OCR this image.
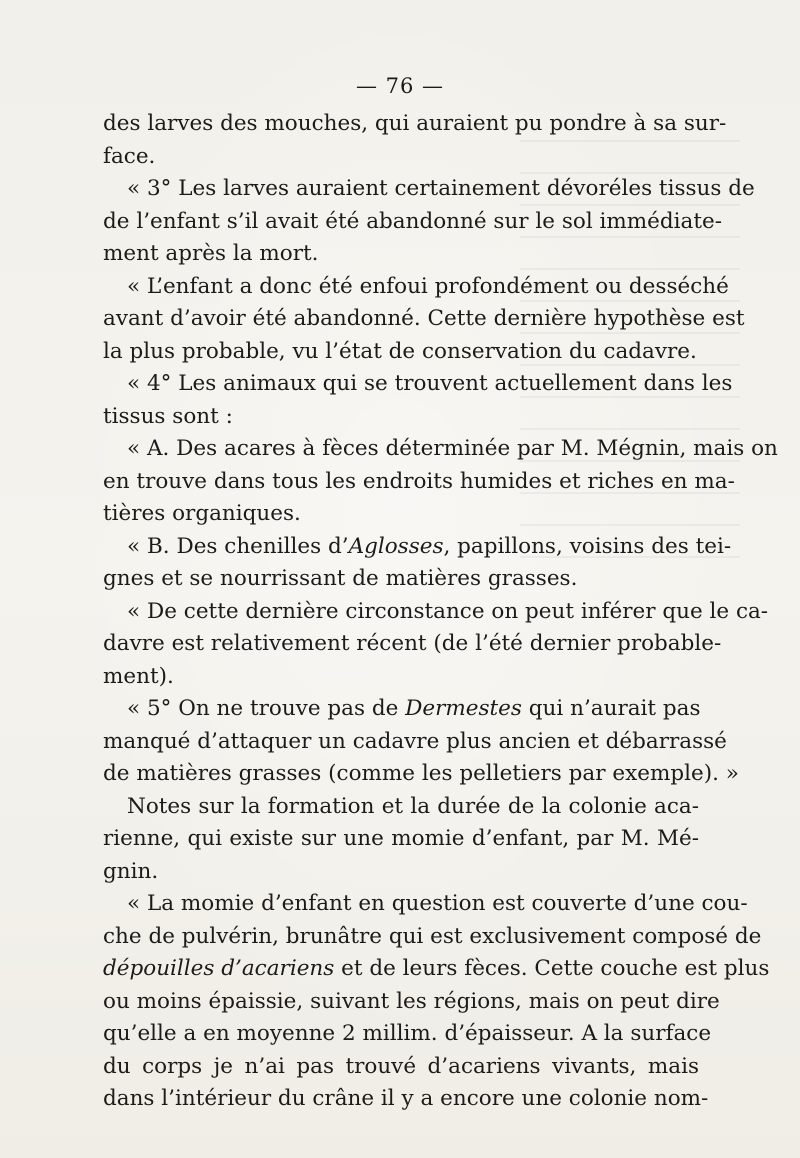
— 76 —
des larves des mouches, qui auraient pu pondre à sa sur-
face.
« 3° Les larves auraient certainement dévoréles tissus de
de l’enfant s’il avait été abandonné sur le sol immédiate-
ment après la mort.
« L’enfant a donc été enfoui profondément ou desséché
avant d’avoir été abandonné. Cette dernière hypothèse est
la plus probable, vu l’état de conservation du cadavre.
« 4° Les animaux qui se trouvent actuellement dans les
tissus sont :
« A. Des acares à fèces déterminée par M. Mégnin, mais on
en trouve dans tous les endroits humides et riches en ma-
tières organiques.
« B. Des chenilles d’Aglosses, papillons, voisins des tei-
gnes et se nourrissant de matières grasses.
« De cette dernière circonstance on peut inférer que le ca-
davre est relativement récent (de l’été dernier probable-
ment).
« 5° On ne trouve pas de Dermestes qui n’aurait pas
manqué d’attaquer un cadavre plus ancien et débarrassé
de matières grasses (comme les pelletiers par exemple). »
Notes sur la formation et la durée de la colonie aca-
rienne, qui existe sur une momie d’enfant, par M. Mé-
gnin.
« La momie d’enfant en question est couverte d’une cou-
che de pulvérin, brunâtre qui est exclusivement composé de
dépouilles d’acariens et de leurs fèces. Cette couche est plus
ou moins épaissie, suivant les régions, mais on peut dire
qu’elle a en moyenne 2 millim. d’épaisseur. A la surface
du corps je n’ai pas trouvé d’acariens vivants, mais
dans l’intérieur du crâne il y a encore une colonie nom-
